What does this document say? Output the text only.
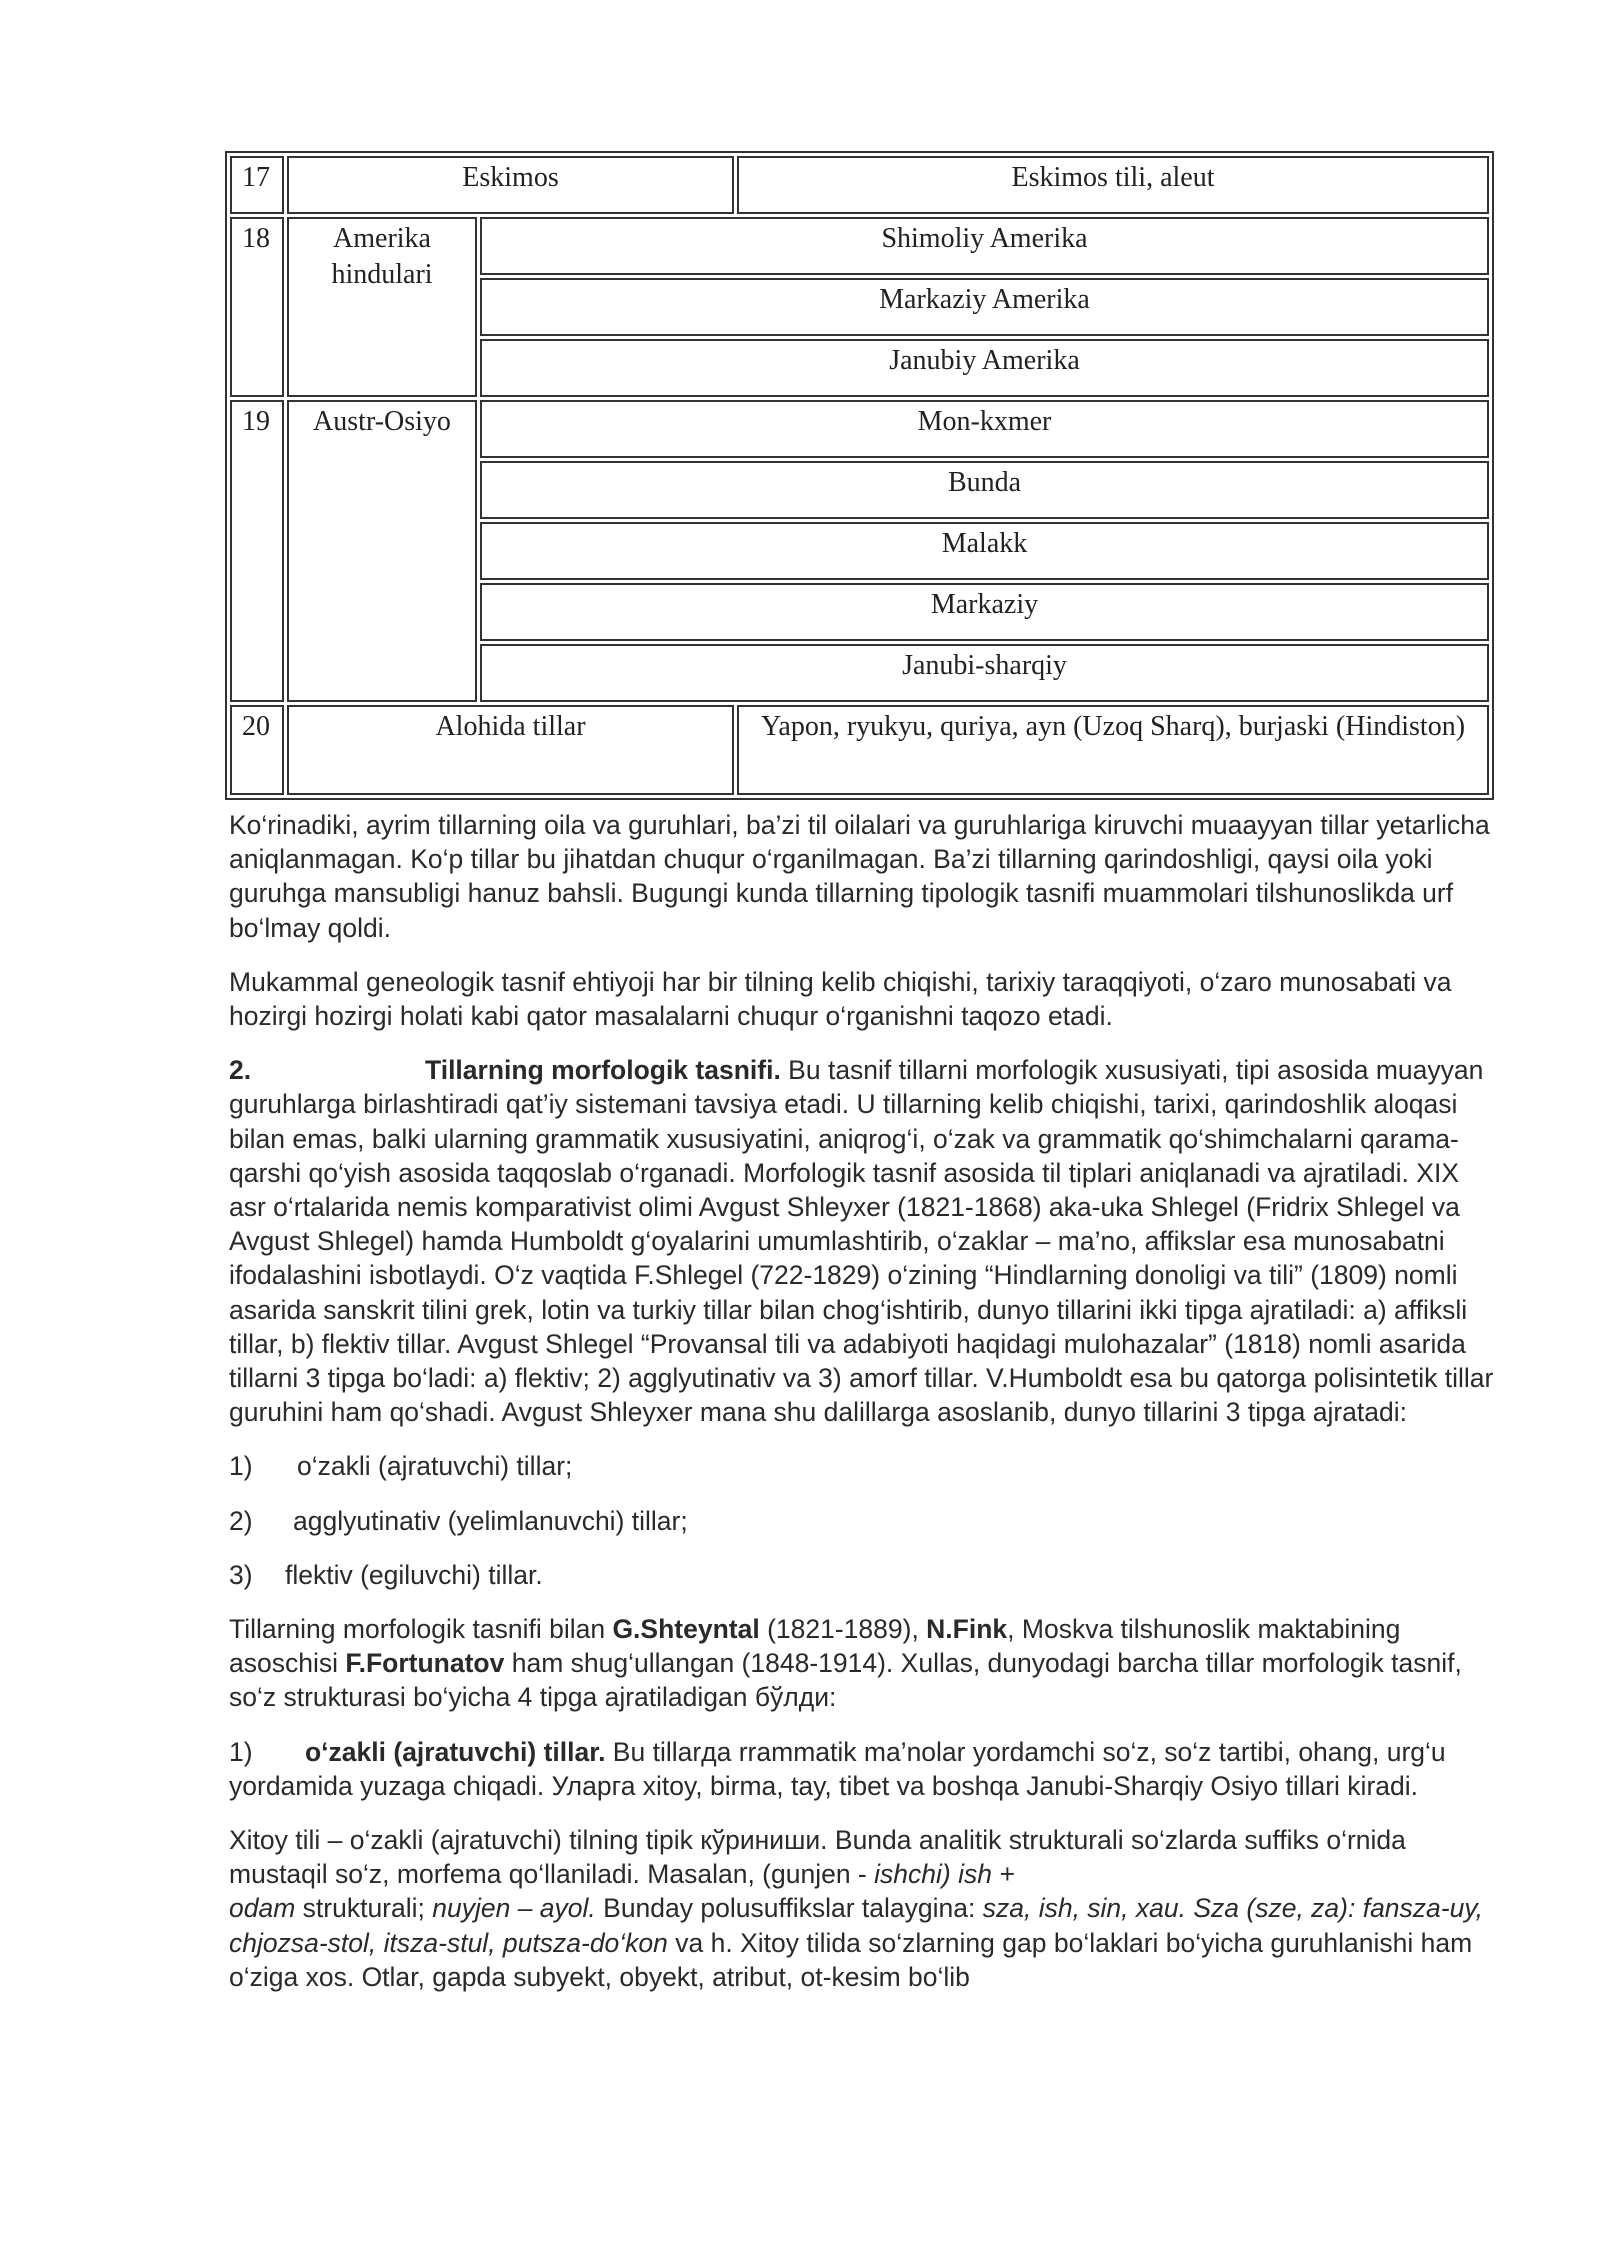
17	Eskimos		Eskimos tili, aleut
18	Amerika hindulari	Shimoliy Amerika	
		Markaziy Amerika	
		Janubiy Amerika	
19	Austr-Osiyo	Mon-kxmer	
		Bunda	
		Malakk	
		Markaziy	
		Janubi-sharqiy	
20	Alohida tillar		Yapon, ryukyu, quriya, ayn (Uzoq Sharq), burjaski (Hindiston)

Ko‘rinadiki, ayrim tillarning oila va guruhlari, ba’zi til oilalari va guruhlariga kiruvchi muaayyan tillar yetarlicha aniqlanmagan. Ko‘p tillar bu jihatdan chuqur o‘rganilmagan. Ba’zi tillarning qarindoshligi, qaysi oila yoki guruhga mansubligi hanuz bahsli. Bugungi kunda tillarning tipologik tasnifi muammolari tilshunoslikda urf bo‘lmay qoldi.

Mukammal geneologik tasnif ehtiyoji har bir tilning kelib chiqishi, tarixiy taraqqiyoti, o‘zaro munosabati va hozirgi hozirgi holati kabi qator masalalarni chuqur o‘rganishni taqozo etadi.

2.	Tillarning morfologik tasnifi. Bu tasnif tillarni morfologik xususiyati, tipi asosida muayyan guruhlarga birlashtiradi qat’iy sistemani tavsiya etadi. U tillarning kelib chiqishi, tarixi, qarindoshlik aloqasi bilan emas, balki ularning grammatik xususiyatini, aniqrog‘i, o‘zak va grammatik qo‘shimchalarni qarama-qarshi qo‘yish asosida taqqoslab o‘rganadi. Morfologik tasnif asosida til tiplari aniqlanadi va ajratiladi. XIX asr o‘rtalarida nemis komparativist olimi Avgust Shleyxer (1821-1868) aka-uka Shlegel (Fridrix Shlegel va Avgust Shlegel) hamda Humboldt g‘oyalarini umumlashtirib, o‘zaklar – ma’no, affikslar esa munosabatni ifodalashini isbotlaydi. O‘z vaqtida F.Shlegel (722-1829) o‘zining “Hindlarning donoligi va tili” (1809) nomli asarida sanskrit tilini grek, lotin va turkiy tillar bilan chog‘ishtirib, dunyo tillarini ikki tipga ajratiladi: a) affiksli tillar, b) flektiv tillar. Avgust Shlegel “Provansal tili va adabiyoti haqidagi mulohazalar” (1818) nomli asarida tillarni 3 tipga bo‘ladi: a) flektiv; 2) agglyutinativ va 3) amorf tillar. V.Humboldt esa bu qatorga polisintetik tillar guruhini ham qo‘shadi. Avgust Shleyxer mana shu dalillarga asoslanib, dunyo tillarini 3 tipga ajratadi:

1) o‘zakli (ajratuvchi) tillar;
2) agglyutinativ (yelimlanuvchi) tillar;
3) flektiv (egiluvchi) tillar.

Tillarning morfologik tasnifi bilan G.Shteyntal (1821-1889), N.Fink, Moskva tilshunoslik maktabining asoschisi F.Fortunatov ham shug‘ullangan (1848-1914). Xullas, dunyodagi barcha tillar morfologik tasnif, so‘z strukturasi bo‘yicha 4 tipga ajratiladigan бўлди:

1) o‘zakli (ajratuvchi) tillar. Bu tillarда rrammatik ma’nolar yordamchi so‘z, so‘z tartibi, ohang, urg‘u yordamida yuzaga chiqadi. Уларга xitoy, birma, tay, tibet va boshqa Janubi-Sharqiy Osiyo tillari kiradi.

Xitoy tili – o‘zakli (ajratuvchi) tilning tipik кўриниши. Bunda analitik strukturali so‘zlarda suffiks o‘rnida mustaqil so‘z, morfema qo‘llaniladi. Masalan, (gunjen - ishchi) ish +
odam strukturali; nuyjen – ayol. Bunday polusuffikslar talaygina: sza, ish, sin, xau. Sza (sze, za): fansza-uy, chjozsa-stol, itsza-stul, putsza-do‘kon va h. Xitoy tilida so‘zlarning gap bo‘laklari bo‘yicha guruhlanishi ham o‘ziga xos. Otlar, gapda subyekt, obyekt, atribut, ot-kesim bo‘lib
